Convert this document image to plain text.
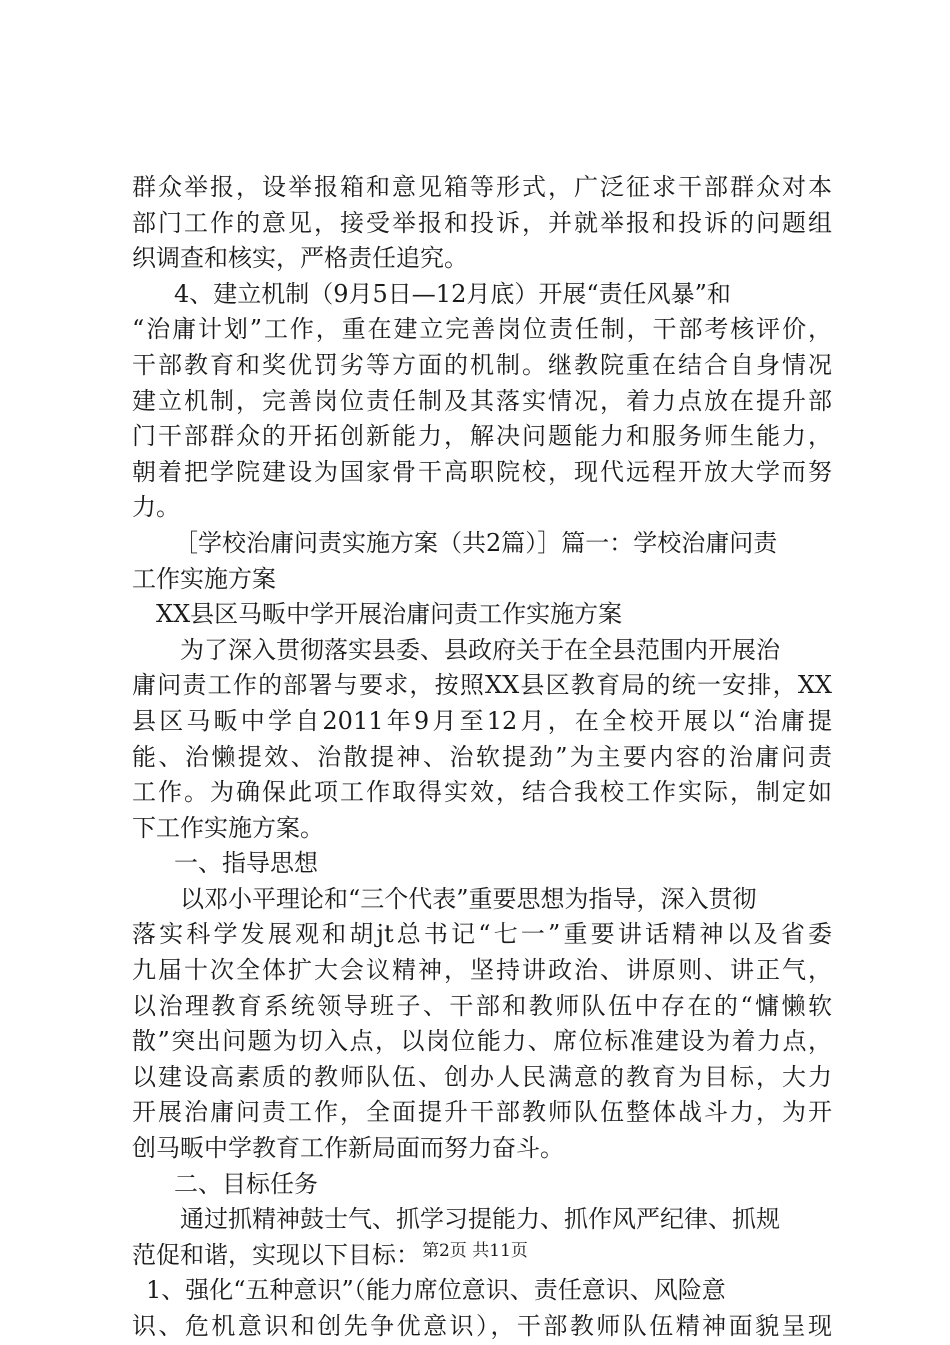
群众举报，设举报箱和意见箱等形式，广泛征求干部群众对本
部门工作的意见，接受举报和投诉，并就举报和投诉的问题组
织调查和核实，严格责任追究。
4、建立机制（9月5日—12月底）开展“责任风暴”和
“治庸计划”工作，重在建立完善岗位责任制，干部考核评价，
干部教育和奖优罚劣等方面的机制。继教院重在结合自身情况
建立机制，完善岗位责任制及其落实情况，着力点放在提升部
门干部群众的开拓创新能力，解决问题能力和服务师生能力，
朝着把学院建设为国家骨干高职院校，现代远程开放大学而努
力。
［学校治庸问责实施方案（共2篇）］篇一：学校治庸问责
工作实施方案
XX县区马畈中学开展治庸问责工作实施方案
为了深入贯彻落实县委、县政府关于在全县范围内开展治
庸问责工作的部署与要求，按照XX县区教育局的统一安排，XX
县区马畈中学自2011年9月至12月，在全校开展以“治庸提
能、治懒提效、治散提神、治软提劲”为主要内容的治庸问责
工作。为确保此项工作取得实效，结合我校工作实际，制定如
下工作实施方案。
一、指导思想
以邓小平理论和“三个代表”重要思想为指导，深入贯彻
落实科学发展观和胡jt总书记“七一”重要讲话精神以及省委
九届十次全体扩大会议精神，坚持讲政治、讲原则、讲正气，
以治理教育系统领导班子、干部和教师队伍中存在的“慵懒软
散”突出问题为切入点，以岗位能力、席位标准建设为着力点，
以建设高素质的教师队伍、创办人民满意的教育为目标，大力
开展治庸问责工作，全面提升干部教师队伍整体战斗力，为开
创马畈中学教育工作新局面而努力奋斗。
二、目标任务
通过抓精神鼓士气、抓学习提能力、抓作风严纪律、抓规
范促和谐，实现以下目标：
1、强化“五种意识”（能力席位意识、责任意识、风险意
识、危机意识和创先争优意识），干部教师队伍精神面貌呈现
第2页 共11页
